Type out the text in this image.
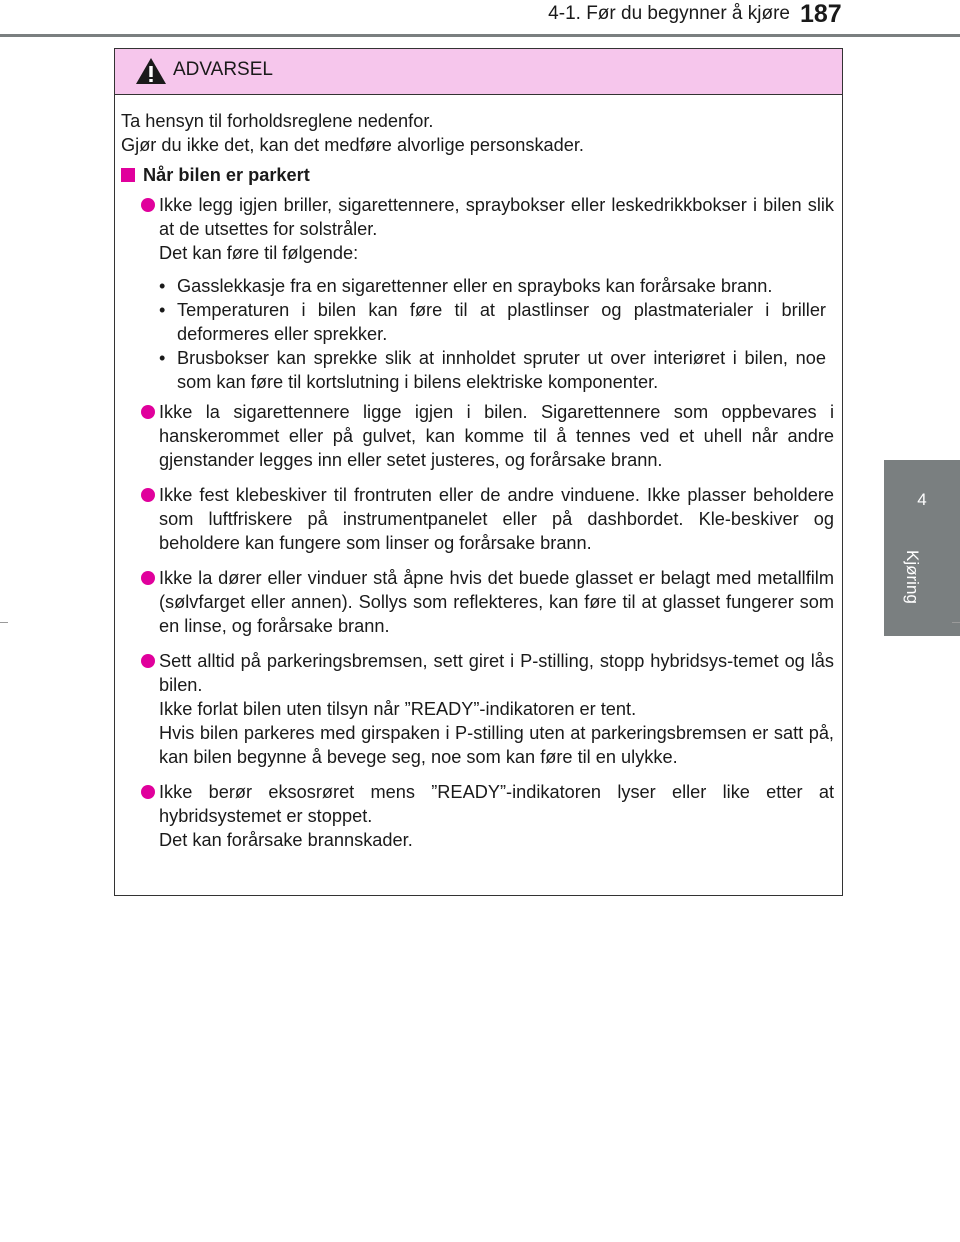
4-1. Før du begynner å kjøre 187
4
Kjøring
ADVARSEL

Ta hensyn til forholdsreglene nedenfor.

Gjør du ikke det, kan det medføre alvorlige personskader.

Når bilen er parkert

Ikke legg igjen briller, sigarettennere, spraybokser eller leskedrikkbokser i bilen slik at de utsettes for solstråler.

Det kan føre til følgende:

• Gasslekkasje fra en sigarettenner eller en sprayboks kan forårsake brann.
• Temperaturen i bilen kan føre til at plastlinser og plastmaterialer i briller deformeres eller sprekker.
• Brusbokser kan sprekke slik at innholdet spruter ut over interiøret i bilen, noe som kan føre til kortslutning i bilens elektriske komponenter.

Ikke la sigarettennere ligge igjen i bilen. Sigarettennere som oppbevares i hanskerommet eller på gulvet, kan komme til å tennes ved et uhell når andre gjenstander legges inn eller setet justeres, og forårsake brann.

Ikke fest klebeskiver til frontruten eller de andre vinduene. Ikke plasser beholdere som luftfriskere på instrumentpanelet eller på dashbordet. Kle-beskiver og beholdere kan fungere som linser og forårsake brann.

Ikke la dører eller vinduer stå åpne hvis det buede glasset er belagt med metallfilm (sølvfarget eller annen). Sollys som reflekteres, kan føre til at glasset fungerer som en linse, og forårsake brann.

Sett alltid på parkeringsbremsen, sett giret i P-stilling, stopp hybridsys-temet og lås bilen.

Ikke forlat bilen uten tilsyn når ”READY”-indikatoren er tent.

Hvis bilen parkeres med girspaken i P-stilling uten at parkeringsbremsen er satt på, kan bilen begynne å bevege seg, noe som kan føre til en ulykke.

Ikke berør eksosrøret mens ”READY”-indikatoren lyser eller like etter at hybridsystemet er stoppet.

Det kan forårsake brannskader.
